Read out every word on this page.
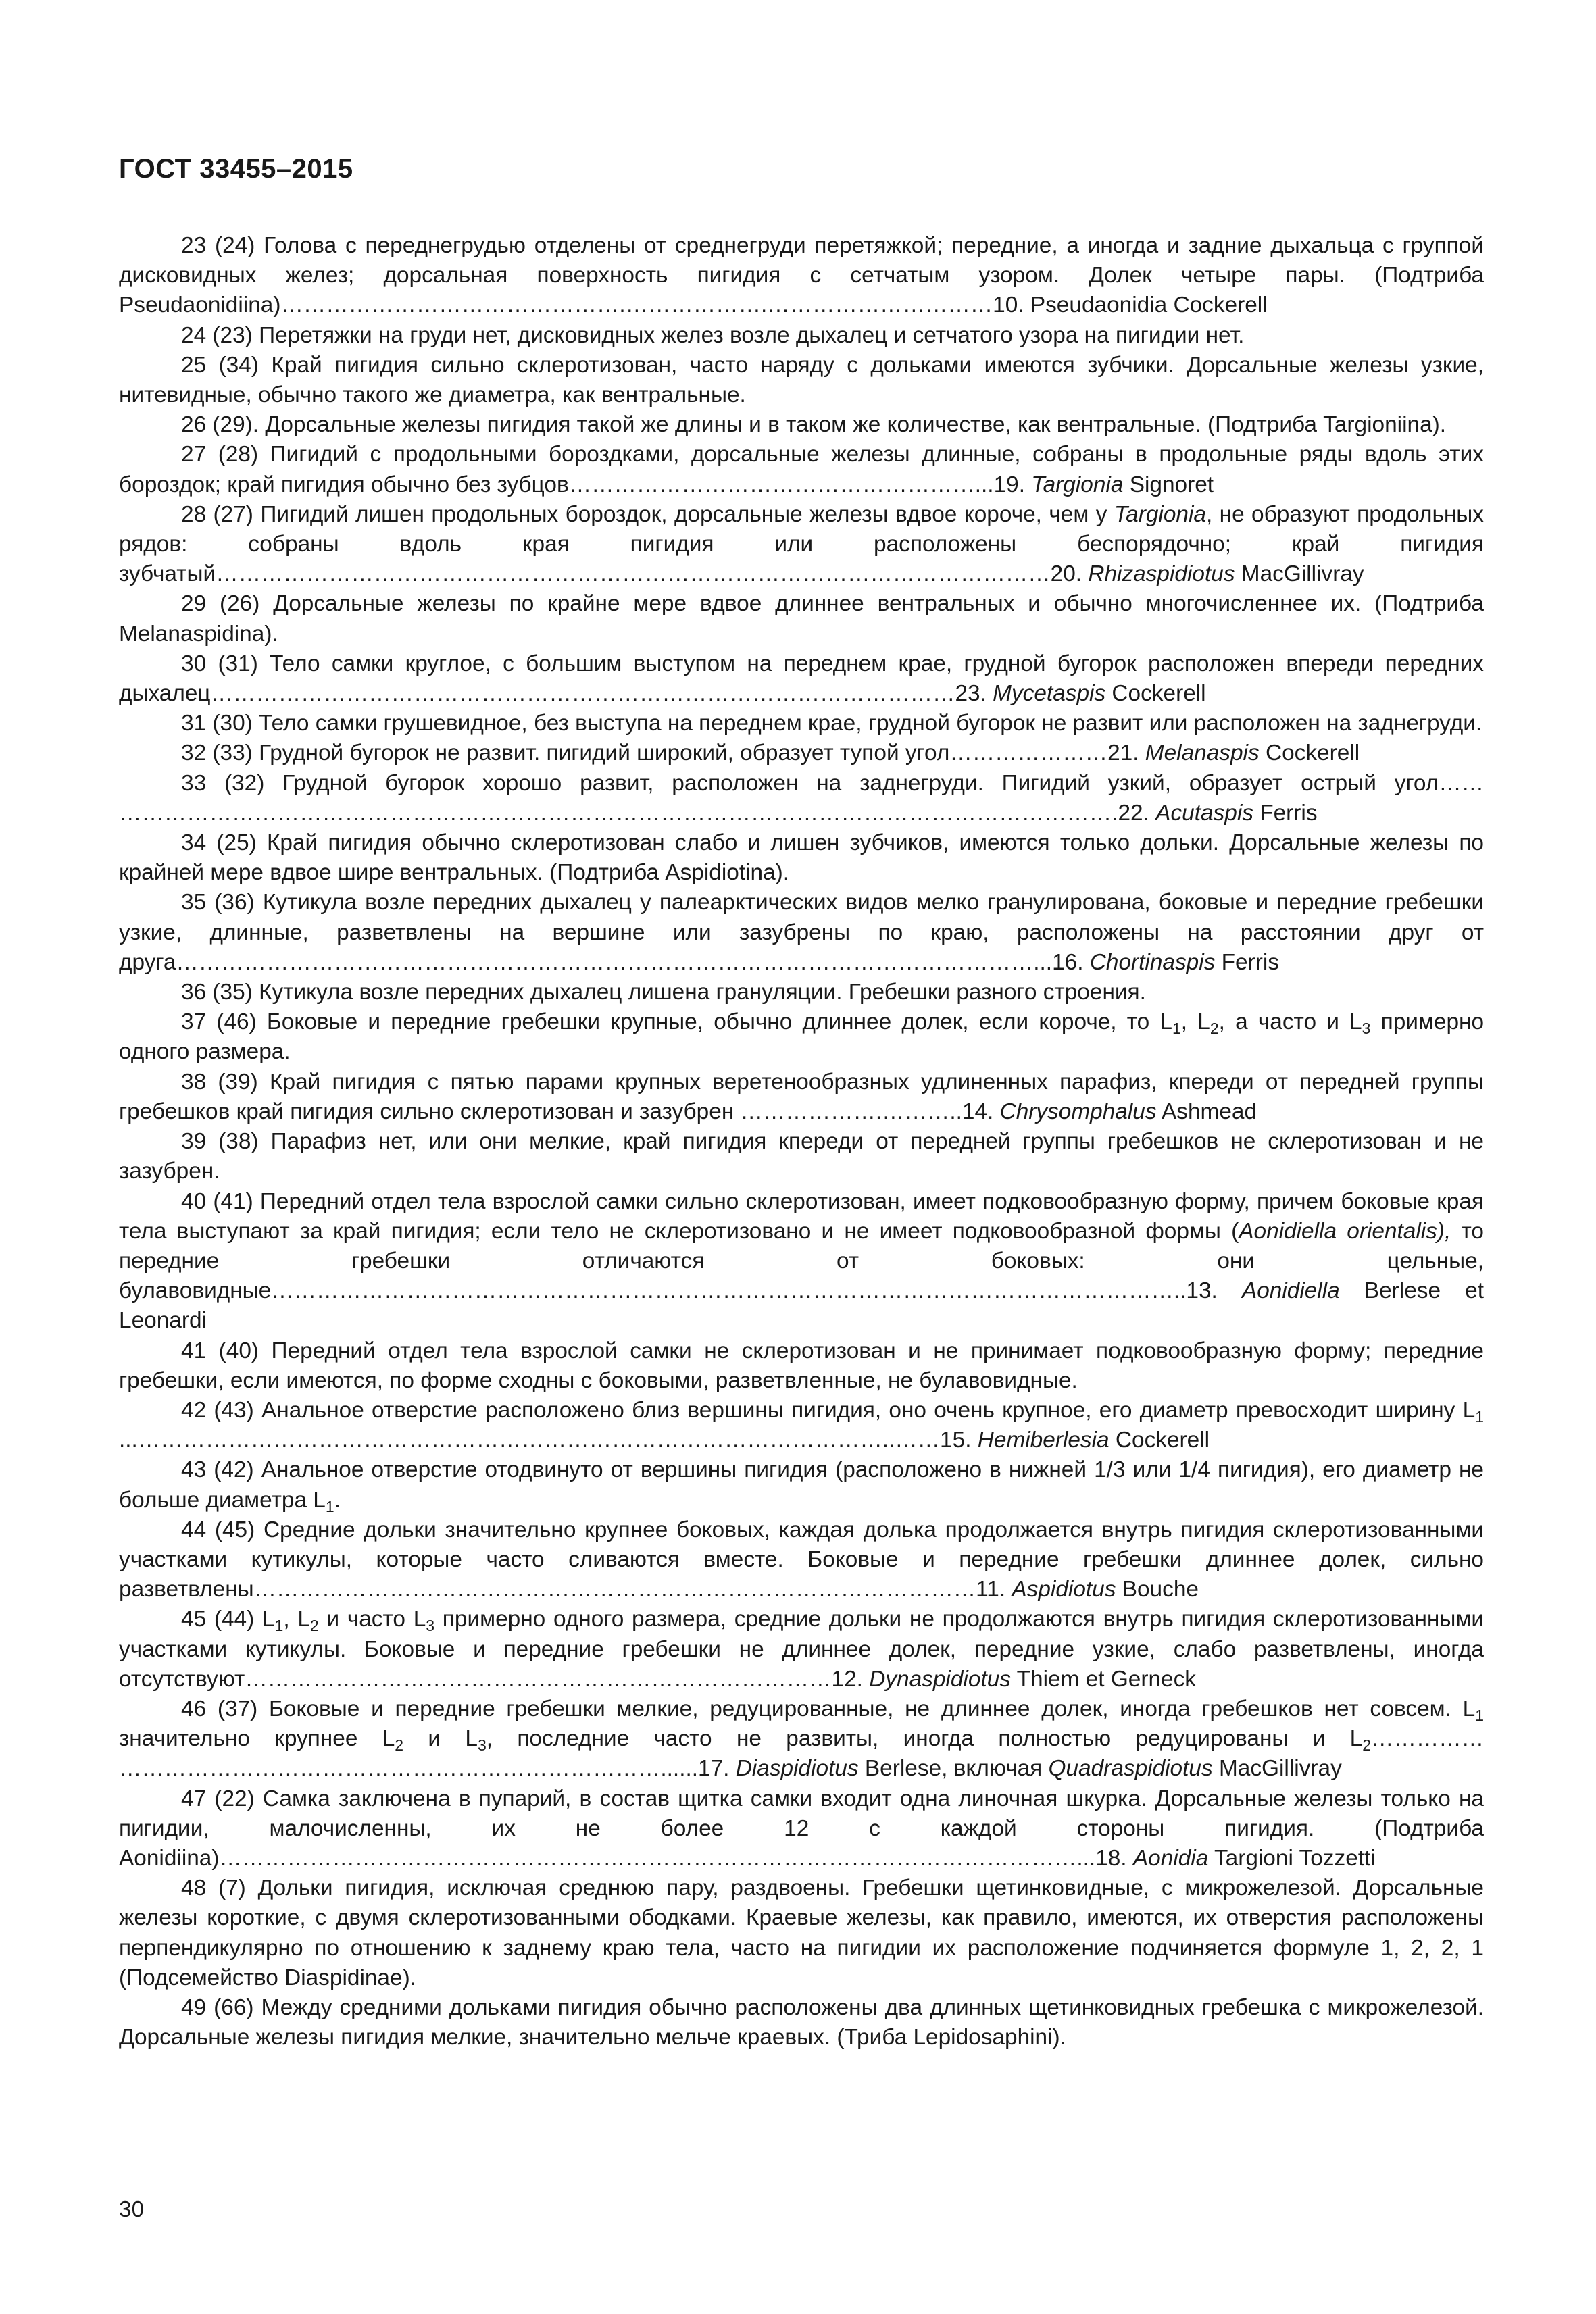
ГОСТ 33455–2015

23 (24) Голова с переднегрудью отделены от среднегруди перетяжкой; передние, а иногда и задние дыхальца с группой дисковидных желез; дорсальная поверхность пигидия с сетчатым узором. Долек четыре пары. (Подтриба Pseudaonidiina)……………………………………….……………….…………………………10. Pseudaonidia Cockerell

24 (23) Перетяжки на груди нет, дисковидных желез возле дыхалец и сетчатого узора на пигидии нет.

25 (34) Край пигидия сильно склеротизован, часто наряду с дольками имеются зубчики. Дорсальные железы узкие, нитевидные, обычно такого же диаметра, как вентральные.

26 (29). Дорсальные железы пигидия такой же длины и в таком же количестве, как вентральные. (Подтриба Targioniina).

27 (28) Пигидий с продольными бороздками, дорсальные железы длинные, собраны в продольные ряды вдоль этих бороздок; край пигидия обычно без зубцов………………………………………………...19. Targionia Signoret

28 (27) Пигидий лишен продольных бороздок, дорсальные железы вдвое короче, чем у Targionia, не образуют продольных рядов: собраны вдоль края пигидия или расположены беспорядочно; край пигидия зубчатый…………………………………………………………………………………………………20. Rhizaspidiotus MacGillivray

29 (26) Дорсальные железы по крайне мере вдвое длиннее вентральных и обычно многочисленнее их. (Подтриба Melanaspidina).

30 (31) Тело самки круглое, с большим выступом на переднем крае, грудной бугорок расположен впереди передних дыхалец………………………………………………………………………………………23. Mycetaspis Cockerell

31 (30) Тело самки грушевидное, без выступа на переднем крае, грудной бугорок не развит или расположен на заднегруди.

32 (33) Грудной бугорок не развит. пигидий широкий, образует тупой угол…………………21. Melanaspis Cockerell

33 (32) Грудной бугорок хорошо развит, расположен на заднегруди. Пигидий узкий, образует острый угол…… …………………………………………………………………………………………………………………….22. Acutaspis Ferris

34 (25) Край пигидия обычно склеротизован слабо и лишен зубчиков, имеются только дольки. Дорсальные железы по крайней мере вдвое шире вентральных. (Подтриба Aspidiotina).

35 (36) Кутикула возле передних дыхалец у палеарктических видов мелко гранулирована, боковые и передние гребешки узкие, длинные, разветвлены на вершине или зазубрены по краю, расположены на расстоянии друг от друга……………………………………………………………………………………………………...16. Chortinaspis Ferris

36 (35) Кутикула возле передних дыхалец лишена грануляции. Гребешки разного строения.

37 (46) Боковые и передние гребешки крупные, обычно длиннее долек, если короче, то $L_1$, $L_2$, а часто и $L_3$ примерно одного размера.

38 (39) Край пигидия с пятью парами крупных веретенообразных удлиненных парафиз, кпереди от передней группы гребешков край пигидия сильно склеротизован и зазубрен ……………….………..14. Chrysomphalus Ashmead

39 (38) Парафиз нет, или они мелкие, край пигидия кпереди от передней группы гребешков не склеротизован и не зазубрен.

40 (41) Передний отдел тела взрослой самки сильно склеротизован, имеет подковообразную форму, причем боковые края тела выступают за край пигидия; если тело не склеротизовано и не имеет подковообразной формы (Aonidiella orientalis), то передние гребешки отличаются от боковых: они цельные, булавовидные…………………………………………………………………………………………………………..13. Aonidiella Berlese et Leonardi

41 (40) Передний отдел тела взрослой самки не склеротизован и не принимает подковообразную форму; передние гребешки, если имеются, по форме сходны с боковыми, разветвленные, не булавовидные.

42 (43) Анальное отверстие расположено близ вершины пигидия, оно очень крупное, его диаметр превосходит ширину $L_1$ ...………………………………………………………………………………………..……15. Hemiberlesia Cockerell

43 (42) Анальное отверстие отодвинуто от вершины пигидия (расположено в нижней 1/3 или 1/4 пигидия), его диаметр не больше диаметра $L_1$.

44 (45) Средние дольки значительно крупнее боковых, каждая долька продолжается внутрь пигидия склеротизованными участками кутикулы, которые часто сливаются вместе. Боковые и передние гребешки длиннее долек, сильно разветвлены……………………………………………………………………………………11. Aspidiotus Bouche

45 (44) $L_1$, $L_2$ и часто $L_3$ примерно одного размера, средние дольки не продолжаются внутрь пигидия склеротизованными участками кутикулы. Боковые и передние гребешки не длиннее долек, передние узкие, слабо разветвлены, иногда отсутствуют……………………………………………………………………12. Dynaspidiotus Thiem et Gerneck

46 (37) Боковые и передние гребешки мелкие, редуцированные, не длиннее долек, иногда гребешков нет совсем. $L_1$ значительно крупнее $L_2$ и $L_3$, последние часто не развиты, иногда полностью редуцированы и $L_2\dots\dots\dots\dots\dots$ ………………………………………………………………......17. Diaspidiotus Berlese, включая Quadraspidiotus MacGillivray

47 (22) Самка заключена в пупарий, в состав щитка самки входит одна линочная шкурка. Дорсальные железы только на пигидии, малочисленны, их не более 12 с каждой стороны пигидия. (Подтриба Aonidiina)……………………………………………………………………………………………………...18. Aonidia Targioni Tozzetti

48 (7) Дольки пигидия, исключая среднюю пару, раздвоены. Гребешки щетинковидные, с микрожелезой. Дорсальные железы короткие, с двумя склеротизованными ободками. Краевые железы, как правило, имеются, их отверстия расположены перпендикулярно по отношению к заднему краю тела, часто на пигидии их расположение подчиняется формуле 1, 2, 2, 1 (Подсемейство Diaspidinae).

49 (66) Между средними дольками пигидия обычно расположены два длинных щетинковидных гребешка с микрожелезой. Дорсальные железы пигидия мелкие, значительно мельче краевых. (Триба Lepidosaphini).

30
